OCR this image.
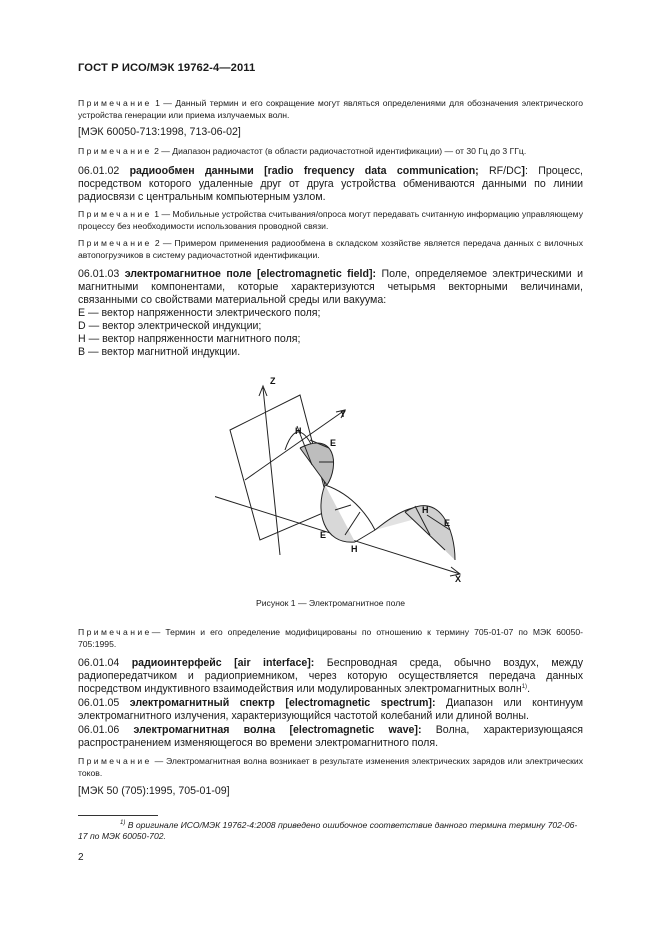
ГОСТ Р ИСО/МЭК 19762-4—2011
Примечание 1 — Данный термин и его сокращение могут являться определениями для обозначения электрического устройства генерации или приема излучаемых волн.
[МЭК 60050-713:1998, 713-06-02]
Примечание 2 — Диапазон радиочастот (в области радиочастотной идентификации) — от 30 Гц до 3 ГГц.
06.01.02 радиообмен данными [radio frequency data communication; RF/DC]: Процесс, посредством которого удаленные друг от друга устройства обмениваются данными по линии радиосвязи с центральным компьютерным узлом.
Примечание 1 — Мобильные устройства считывания/опроса могут передавать считанную информацию управляющему процессу без необходимости использования проводной связи.
Примечание 2 — Примером применения радиообмена в складском хозяйстве является передача данных с вилочных автопогрузчиков в систему радиочастотной идентификации.
06.01.03 электромагнитное поле [electromagnetic field]: Поле, определяемое электрическими и магнитными компонентами, которые характеризуются четырьмя векторными величинами, связанными со свойствами материальной среды или вакуума:
E — вектор напряженности электрического поля;
D — вектор электрической индукции;
H — вектор напряженности магнитного поля;
B — вектор магнитной индукции.
Z
Y
X
H
E
E
H
H
E
Рисунок 1 — Электромагнитное поле
Примечание— Термин и его определение модифицированы по отношению к термину 705-01-07 по МЭК 60050-705:1995.
06.01.04 радиоинтерфейс [air interface]: Беспроводная среда, обычно воздух, между радиопередатчиком и радиоприемником, через которую осуществляется передача данных посредством индуктивного взаимодействия или модулированных электромагнитных волн$^{1)}$.
06.01.05 электромагнитный спектр [electromagnetic spectrum]: Диапазон или континуум электромагнитного излучения, характеризующийся частотой колебаний или длиной волны.
06.01.06 электромагнитная волна [electromagnetic wave]: Волна, характеризующаяся распространением изменяющегося во времени электромагнитного поля.
Примечание — Электромагнитная волна возникает в результате изменения электрических зарядов или электрических токов.
[МЭК 50 (705):1995, 705-01-09]
$^{1)}$ В оригинале ИСО/МЭК 19762-4:2008 приведено ошибочное соответствие данного термина термину 702-06-17 по МЭК 60050-702.
2
